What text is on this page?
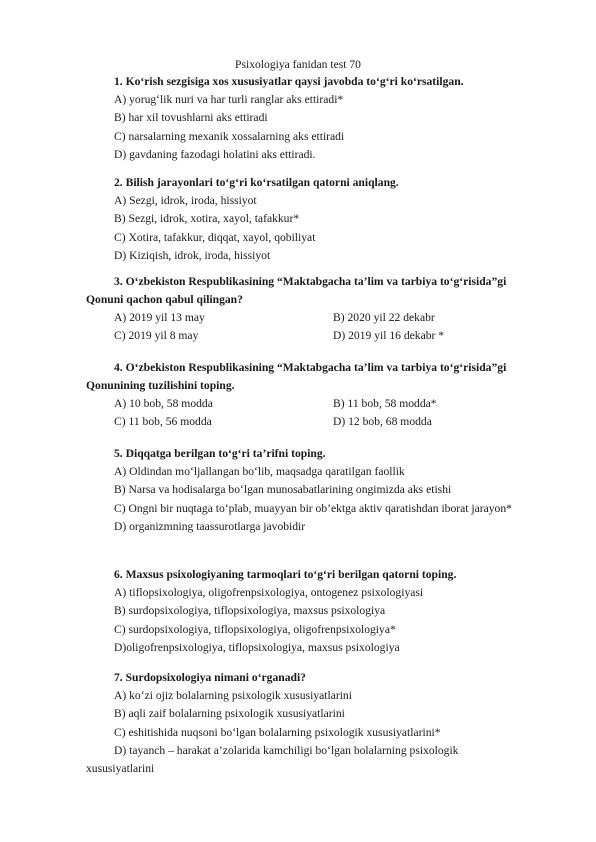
Psixologiya fanidan test 70

1. Ko‘rish sezgisiga xos xususiyatlar qaysi javobda to‘g‘ri ko‘rsatilgan.

A) yorug‘lik nuri va har turli ranglar aks ettiradi*

B) har xil tovushlarni aks ettiradi

C) narsalarning mexanik xossalarning aks ettiradi

D) gavdaning fazodagi holatini aks ettiradi.

2. Bilish jarayonlari to‘g‘ri ko‘rsatilgan qatorni aniqlang.

A) Sezgi, idrok, iroda, hissiyot

B) Sezgi, idrok, xotira, xayol, tafakkur*

C) Xotira, tafakkur, diqqat, xayol, qobiliyat

D) Kiziqish, idrok, iroda, hissiyot

3. O‘zbekiston Respublikasining “Maktabgacha ta’lim va tarbiya to‘g‘risida”gi Qonuni qachon qabul qilingan?

A) 2019 yil 13 may	B) 2020 yil 22 dekabr
C) 2019 yil 8 may	D) 2019 yil 16 dekabr *

4. O‘zbekiston Respublikasining “Maktabgacha ta’lim va tarbiya to‘g‘risida”gi Qonunining tuzilishini toping.

A) 10 bob, 58 modda	B) 11 bob, 58 modda*
C) 11 bob, 56 modda	D) 12 bob, 68 modda

5. Diqqatga berilgan to‘g‘ri ta’rifni toping.

A) Oldindan mo‘ljallangan bo‘lib, maqsadga qaratilgan faollik

B) Narsa va hodisalarga bo‘lgan munosabatlarining ongimizda aks etishi

C) Ongni bir nuqtaga to‘plab, muayyan bir ob’ektga aktiv qaratishdan iborat jarayon*

D) organizmning taassurotlarga javobidir

6. Maxsus psixologiyaning tarmoqlari to‘g‘ri berilgan qatorni toping.

A) tiflopsixologiya, oligofrenpsixologiya, ontogenez psixologiyasi

B) surdopsixologiya, tiflopsixologiya, maxsus psixologiya

C) surdopsixologiya, tiflopsixologiya, oligofrenpsixologiya*

D)oligofrenpsixologiya, tiflopsixologiya, maxsus psixologiya

7. Surdopsixologiya nimani o‘rganadi?

A) ko‘zi ojiz bolalarning psixologik xususiyatlarini

B) aqli zaif bolalarning psixologik xususiyatlarini

C) eshitishida nuqsoni bo‘lgan bolalarning psixologik xususiyatlarini*

D) tayanch – harakat a’zolarida kamchiligi bo‘lgan bolalarning psixologik xususiyatlarini
